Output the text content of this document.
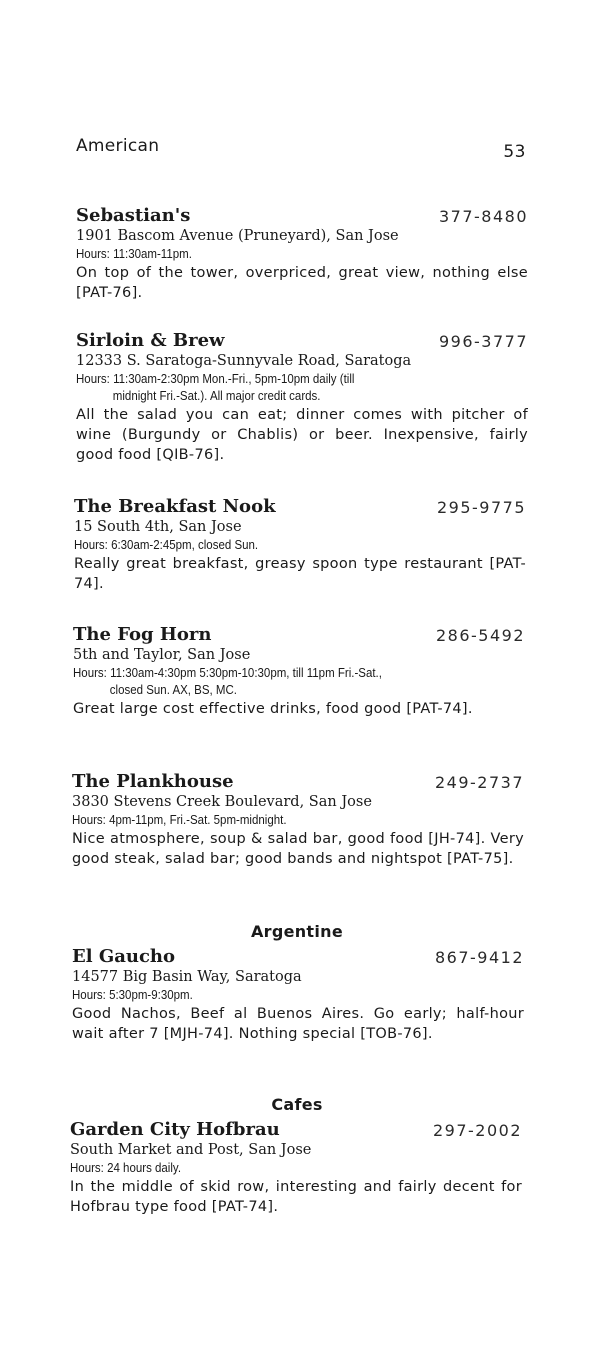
American	53
Sebastian's	377-8480
1901 Bascom Avenue (Pruneyard), San Jose
Hours: 11:30am-11pm.
On top of the tower, overpriced, great view, nothing else [PAT-76].
Sirloin & Brew	996-3777
12333 S. Saratoga-Sunnyvale Road, Saratoga
Hours: 11:30am-2:30pm Mon.-Fri., 5pm-10pm daily (till
midnight Fri.-Sat.). All major credit cards.
All the salad you can eat; dinner comes with pitcher of wine (Burgundy or Chablis) or beer. Inexpensive, fairly good food [QIB-76].
The Breakfast Nook	295-9775
15 South 4th, San Jose
Hours: 6:30am-2:45pm, closed Sun.
Really great breakfast, greasy spoon type restaurant [PAT-74].
The Fog Horn	286-5492
5th and Taylor, San Jose
Hours: 11:30am-4:30pm 5:30pm-10:30pm, till 11pm Fri.-Sat.,
closed Sun. AX, BS, MC.
Great large cost effective drinks, food good [PAT-74].
The Plankhouse	249-2737
3830 Stevens Creek Boulevard, San Jose
Hours: 4pm-11pm, Fri.-Sat. 5pm-midnight.
Nice atmosphere, soup & salad bar, good food [JH-74]. Very good steak, salad bar; good bands and nightspot [PAT-75].
Argentine
El Gaucho	867-9412
14577 Big Basin Way, Saratoga
Hours: 5:30pm-9:30pm.
Good Nachos, Beef al Buenos Aires. Go early; half-hour wait after 7 [MJH-74]. Nothing special [TOB-76].
Cafes
Garden City Hofbrau	297-2002
South Market and Post, San Jose
Hours: 24 hours daily.
In the middle of skid row, interesting and fairly decent for Hofbrau type food [PAT-74].
